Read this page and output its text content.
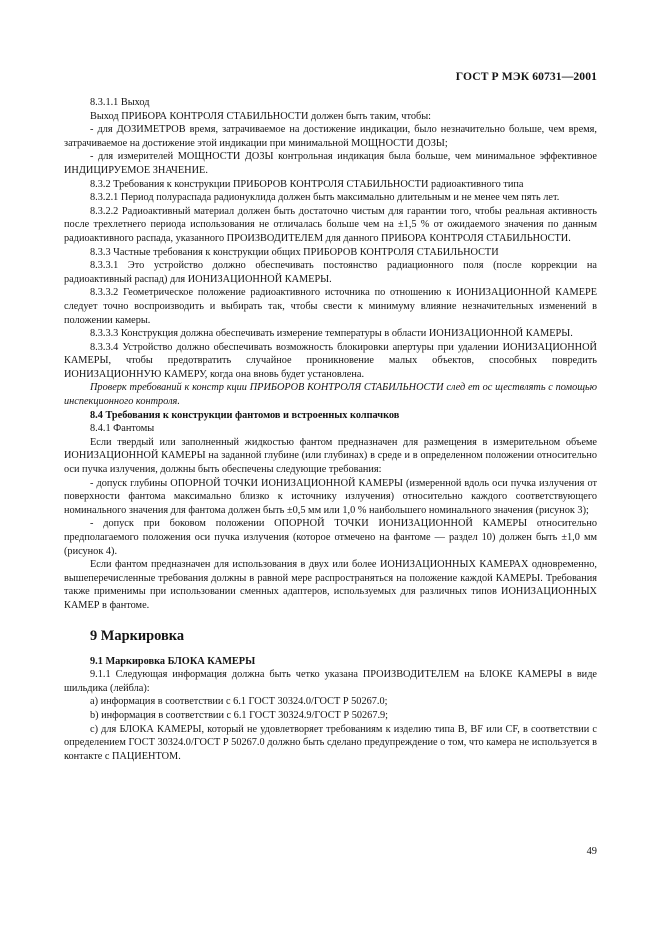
ГОСТ Р МЭК 60731—2001

8.3.1.1 Выход

Выход ПРИБОРА КОНТРОЛЯ СТАБИЛЬНОСТИ должен быть таким, чтобы:

- для ДОЗИМЕТРОВ время, затрачиваемое на достижение индикации, было незначительно больше, чем время, затрачиваемое на достижение этой индикации при минимальной МОЩНОСТИ ДОЗЫ;

- для измерителей МОЩНОСТИ ДОЗЫ контрольная индикация была больше, чем минимальное эффективное ИНДИЦИРУЕМОЕ ЗНАЧЕНИЕ.

8.3.2 Требования к конструкции ПРИБОРОВ КОНТРОЛЯ СТАБИЛЬНОСТИ радиоактивного типа

8.3.2.1 Период полураспада радионуклида должен быть максимально длительным и не менее чем пять лет.

8.3.2.2 Радиоактивный материал должен быть достаточно чистым для гарантии того, чтобы реальная активность после трехлетнего периода использования не отличалась больше чем на ±1,5 % от ожидаемого значения по данным радиоактивного распада, указанного ПРОИЗВОДИТЕЛЕМ для данного ПРИБОРА КОНТРОЛЯ СТАБИЛЬНОСТИ.

8.3.3 Частные требования к конструкции общих ПРИБОРОВ КОНТРОЛЯ СТАБИЛЬНОСТИ

8.3.3.1 Это устройство должно обеспечивать постоянство радиационного поля (после коррекции на радиоактивный распад) для ИОНИЗАЦИОННОЙ КАМЕРЫ.

8.3.3.2 Геометрическое положение радиоактивного источника по отношению к ИОНИЗАЦИОННОЙ КАМЕРЕ следует точно воспроизводить и выбирать так, чтобы свести к минимуму влияние незначительных изменений в положении камеры.

8.3.3.3 Конструкция должна обеспечивать измерение температуры в области ИОНИЗАЦИОННОЙ КАМЕРЫ.

8.3.3.4 Устройство должно обеспечивать возможность блокировки апертуры при удалении ИОНИЗАЦИОННОЙ КАМЕРЫ, чтобы предотвратить случайное проникновение малых объектов, способных повредить ИОНИЗАЦИОННУЮ КАМЕРУ, когда она вновь будет установлена.

Проверк требований к констр кции ПРИБОРОВ КОНТРОЛЯ СТАБИЛЬНОСТИ след ет ос ществлять с помощью инспекционного контроля.

8.4 Требования к конструкции фантомов и встроенных колпачков

8.4.1 Фантомы

Если твердый или заполненный жидкостью фантом предназначен для размещения в измерительном объеме ИОНИЗАЦИОННОЙ КАМЕРЫ на заданной глубине (или глубинах) в среде и в определенном положении относительно оси пучка излучения, должны быть обеспечены следующие требования:

- допуск глубины ОПОРНОЙ ТОЧКИ ИОНИЗАЦИОННОЙ КАМЕРЫ (измеренной вдоль оси пучка излучения от поверхности фантома максимально близко к источнику излучения) относительно каждого соответствующего номинального значения для фантома должен быть ±0,5 мм или 1,0 % наибольшего номинального значения (рисунок 3);

- допуск при боковом положении ОПОРНОЙ ТОЧКИ ИОНИЗАЦИОННОЙ КАМЕРЫ относительно предполагаемого положения оси пучка излучения (которое отмечено на фантоме — раздел 10) должен быть ±1,0 мм (рисунок 4).

Если фантом предназначен для использования в двух или более ИОНИЗАЦИОННЫХ КАМЕРАХ одновременно, вышеперечисленные требования должны в равной мере распространяться на положение каждой КАМЕРЫ. Требования также применимы при использовании сменных адаптеров, используемых для различных типов ИОНИЗАЦИОННЫХ КАМЕР в фантоме.

9 Маркировка

9.1 Маркировка БЛОКА КАМЕРЫ

9.1.1 Следующая информация должна быть четко указана ПРОИЗВОДИТЕЛЕМ на БЛОКЕ КАМЕРЫ в виде шильдика (лейбла):

а) информация в соответствии с 6.1 ГОСТ 30324.0/ГОСТ Р 50267.0;

b) информация в соответствии с 6.1 ГОСТ 30324.9/ГОСТ Р 50267.9;

с) для БЛОКА КАМЕРЫ, который не удовлетворяет требованиям к изделию типа B, BF или CF, в соответствии с определением ГОСТ 30324.0/ГОСТ Р 50267.0 должно быть сделано предупреждение о том, что камера не используется в контакте с ПАЦИЕНТОМ.

49
